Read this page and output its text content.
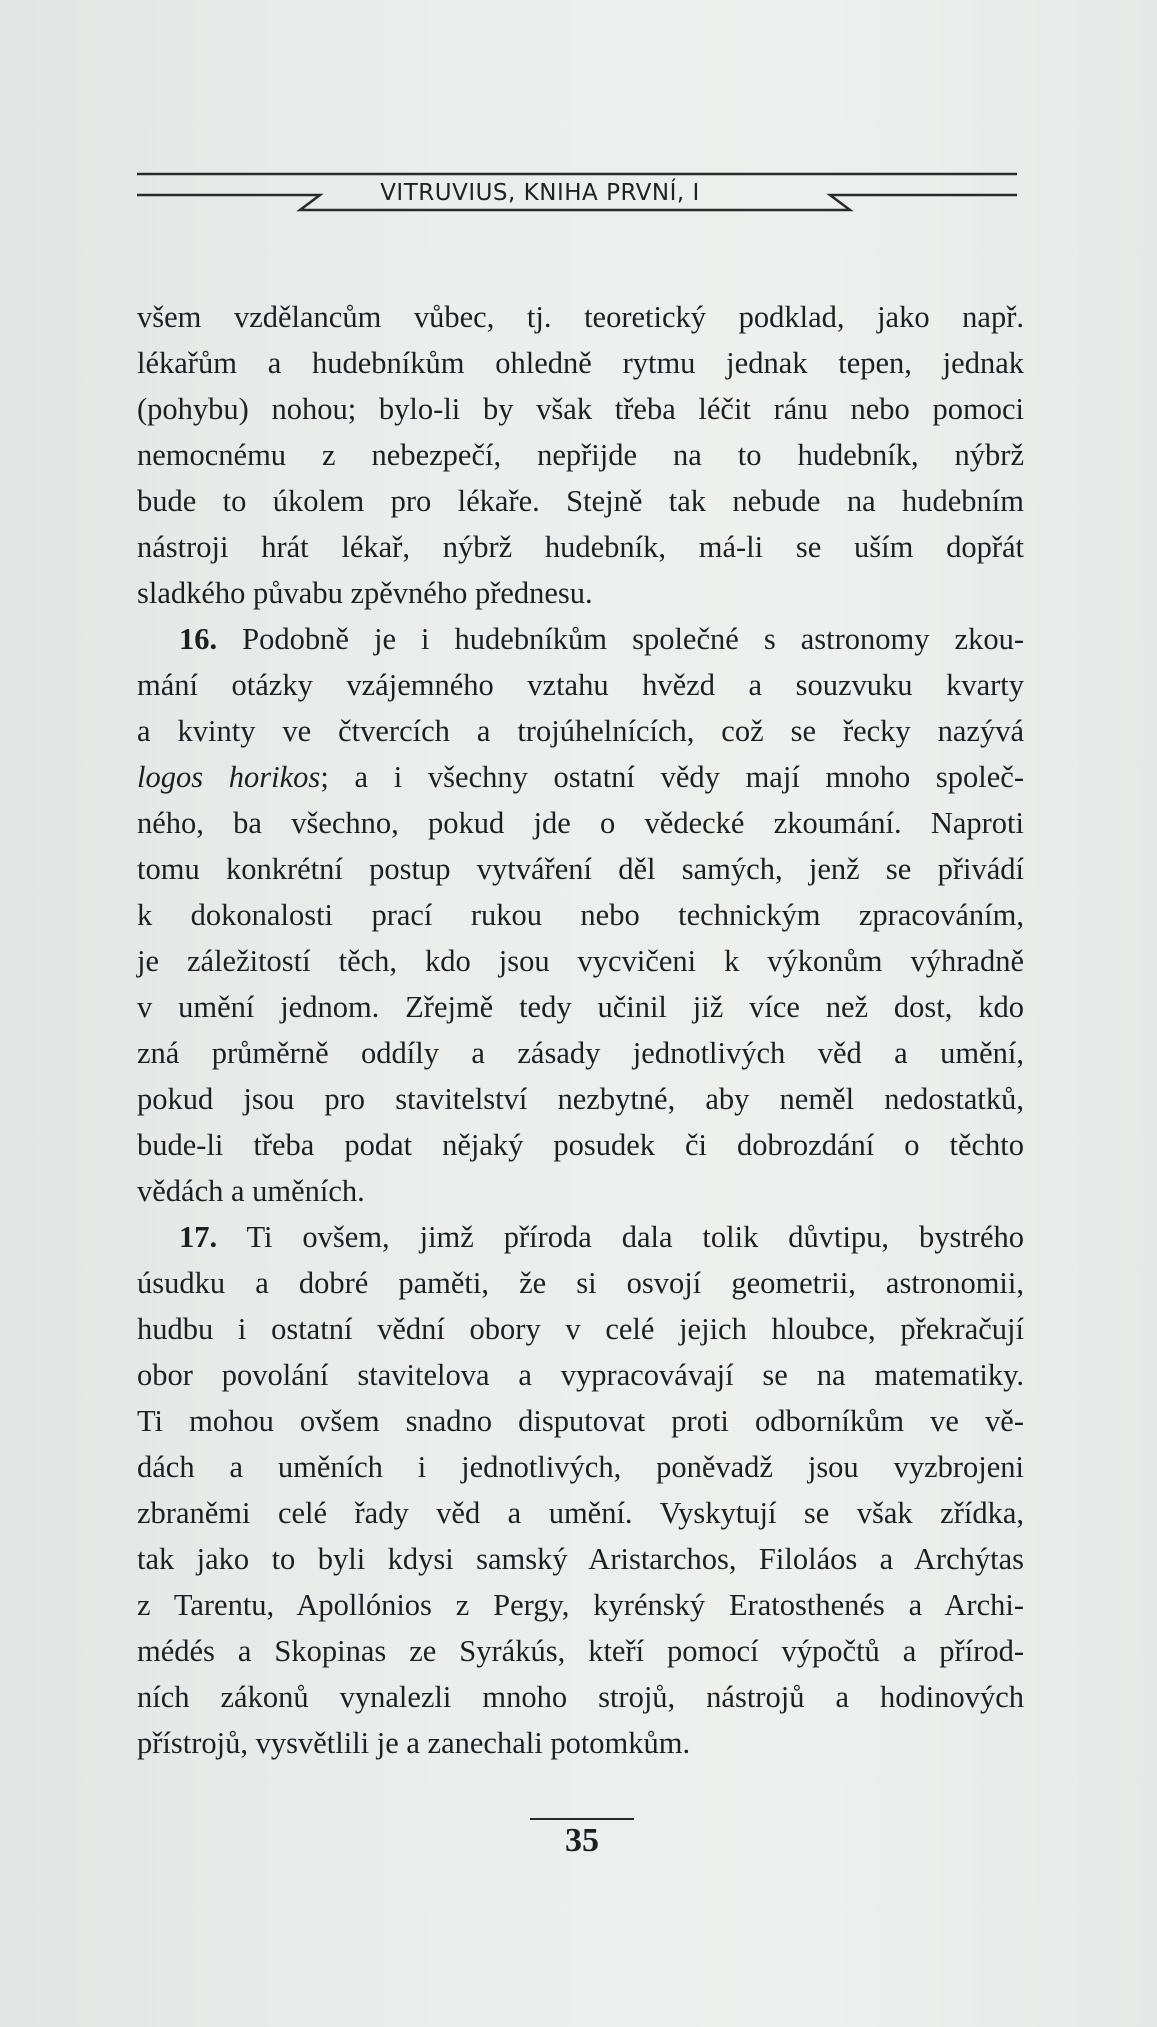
VITRUVIUS, KNIHA PRVNÍ, I
všem vzdělancům vůbec, tj. teoretický podklad, jako např.
lékařům a hudebníkům ohledně rytmu jednak tepen, jednak
(pohybu) nohou; bylo-li by však třeba léčit ránu nebo pomoci
nemocnému z nebezpečí, nepřijde na to hudebník, nýbrž
bude to úkolem pro lékaře. Stejně tak nebude na hudebním
nástroji hrát lékař, nýbrž hudebník, má-li se uším dopřát
sladkého půvabu zpěvného přednesu.
16. Podobně je i hudebníkům společné s astronomy zkou-
mání otázky vzájemného vztahu hvězd a souzvuku kvarty
a kvinty ve čtvercích a trojúhelnících, což se řecky nazývá
logos horikos; a i všechny ostatní vědy mají mnoho společ-
ného, ba všechno, pokud jde o vědecké zkoumání. Naproti
tomu konkrétní postup vytváření děl samých, jenž se přivádí
k dokonalosti prací rukou nebo technickým zpracováním,
je záležitostí těch, kdo jsou vycvičeni k výkonům výhradně
v umění jednom. Zřejmě tedy učinil již více než dost, kdo
zná průměrně oddíly a zásady jednotlivých věd a umění,
pokud jsou pro stavitelství nezbytné, aby neměl nedostatků,
bude-li třeba podat nějaký posudek či dobrozdání o těchto
vědách a uměních.
17. Ti ovšem, jimž příroda dala tolik důvtipu, bystrého
úsudku a dobré paměti, že si osvojí geometrii, astronomii,
hudbu i ostatní vědní obory v celé jejich hloubce, překračují
obor povolání stavitelova a vypracovávají se na matematiky.
Ti mohou ovšem snadno disputovat proti odborníkům ve vě-
dách a uměních i jednotlivých, poněvadž jsou vyzbrojeni
zbraněmi celé řady věd a umění. Vyskytují se však zřídka,
tak jako to byli kdysi samský Aristarchos, Filoláos a Archýtas
z Tarentu, Apollónios z Pergy, kyrénský Eratosthenés a Archi-
médés a Skopinas ze Syrákús, kteří pomocí výpočtů a přírod-
ních zákonů vynalezli mnoho strojů, nástrojů a hodinových
přístrojů, vysvětlili je a zanechali potomkům.
35
